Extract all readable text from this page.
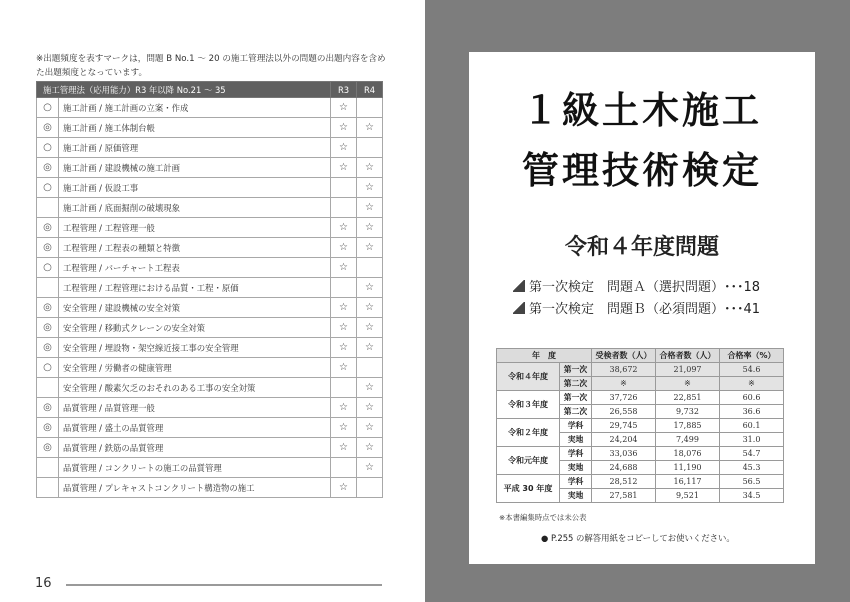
※出題頻度を表すマークは，問題 B No.1 ～ 20 の施工管理法以外の問題の出題内容を含めた出題頻度となっています。

施工管理法（応用能力）R3 年以降 No.21 ～ 35		R3	R4
○	施工計画 / 施工計画の立案・作成	☆	
◎	施工計画 / 施工体制台帳	☆	☆
○	施工計画 / 原価管理	☆	
◎	施工計画 / 建設機械の施工計画	☆	☆
○	施工計画 / 仮設工事		☆
	施工計画 / 底面掘削の破壊現象		☆
◎	工程管理 / 工程管理一般	☆	☆
◎	工程管理 / 工程表の種類と特徴	☆	☆
○	工程管理 / バーチャート工程表	☆	
	工程管理 / 工程管理における品質・工程・原価		☆
◎	安全管理 / 建設機械の安全対策	☆	☆
◎	安全管理 / 移動式クレーンの安全対策	☆	☆
◎	安全管理 / 埋設物・架空線近接工事の安全管理	☆	☆
○	安全管理 / 労働者の健康管理	☆	
	安全管理 / 酸素欠乏のおそれのある工事の安全対策		☆
◎	品質管理 / 品質管理一般	☆	☆
◎	品質管理 / 盛土の品質管理	☆	☆
◎	品質管理 / 鉄筋の品質管理	☆	☆
	品質管理 / コンクリートの施工の品質管理		☆
	品質管理 / プレキャストコンクリート構造物の施工	☆	
16
１級土木施工
管理技術検定
令和４年度問題
第一次検定　問題Ａ（選択問題）･･･18
第一次検定　問題Ｂ（必須問題）･･･41
年　度		受検者数（人）	合格者数（人）	合格率（%）
令和４年度	第一次	38,672	21,097	54.6
	第二次	※	※	※
令和３年度	第一次	37,726	22,851	60.6
	第二次	26,558	9,732	36.6
令和２年度	学科	29,745	17,885	60.1
	実地	24,204	7,499	31.0
令和元年度	学科	33,036	18,076	54.7
	実地	24,688	11,190	45.3
平成 30 年度	学科	28,512	16,117	56.5
	実地	27,581	9,521	34.5
※本書編集時点では未公表
● P.255 の解答用紙をコピーしてお使いください。
